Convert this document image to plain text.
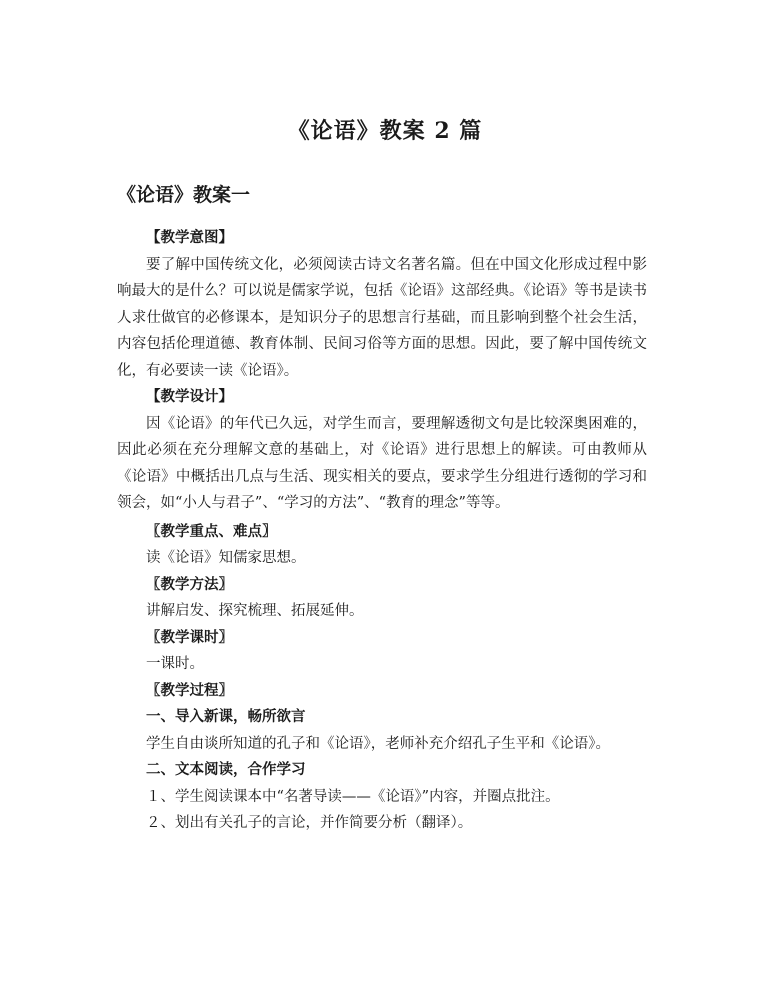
《论语》教案 2 篇
《论语》教案一

【教学意图】

要了解中国传统文化，必须阅读古诗文名著名篇。但在中国文化形成过程中影响最大的是什么？可以说是儒家学说，包括《论语》这部经典。《论语》等书是读书人求仕做官的必修课本，是知识分子的思想言行基础，而且影响到整个社会生活，内容包括伦理道德、教育体制、民间习俗等方面的思想。因此，要了解中国传统文化，有必要读一读《论语》。

【教学设计】

因《论语》的年代已久远，对学生而言，要理解透彻文句是比较深奥困难的，因此必须在充分理解文意的基础上，对《论语》进行思想上的解读。可由教师从《论语》中概括出几点与生活、现实相关的要点，要求学生分组进行透彻的学习和领会，如“小人与君子”、“学习的方法”、“教育的理念”等等。

〖教学重点、难点〗

读《论语》知儒家思想。

〖教学方法〗

讲解启发、探究梳理、拓展延伸。

〖教学课时〗

一课时。

〖教学过程〗

一、导入新课，畅所欲言

学生自由谈所知道的孔子和《论语》，老师补充介绍孔子生平和《论语》。

二、文本阅读，合作学习

１、学生阅读课本中“名著导读——《论语》”内容，并圈点批注。

２、划出有关孔子的言论，并作简要分析（翻译）。
